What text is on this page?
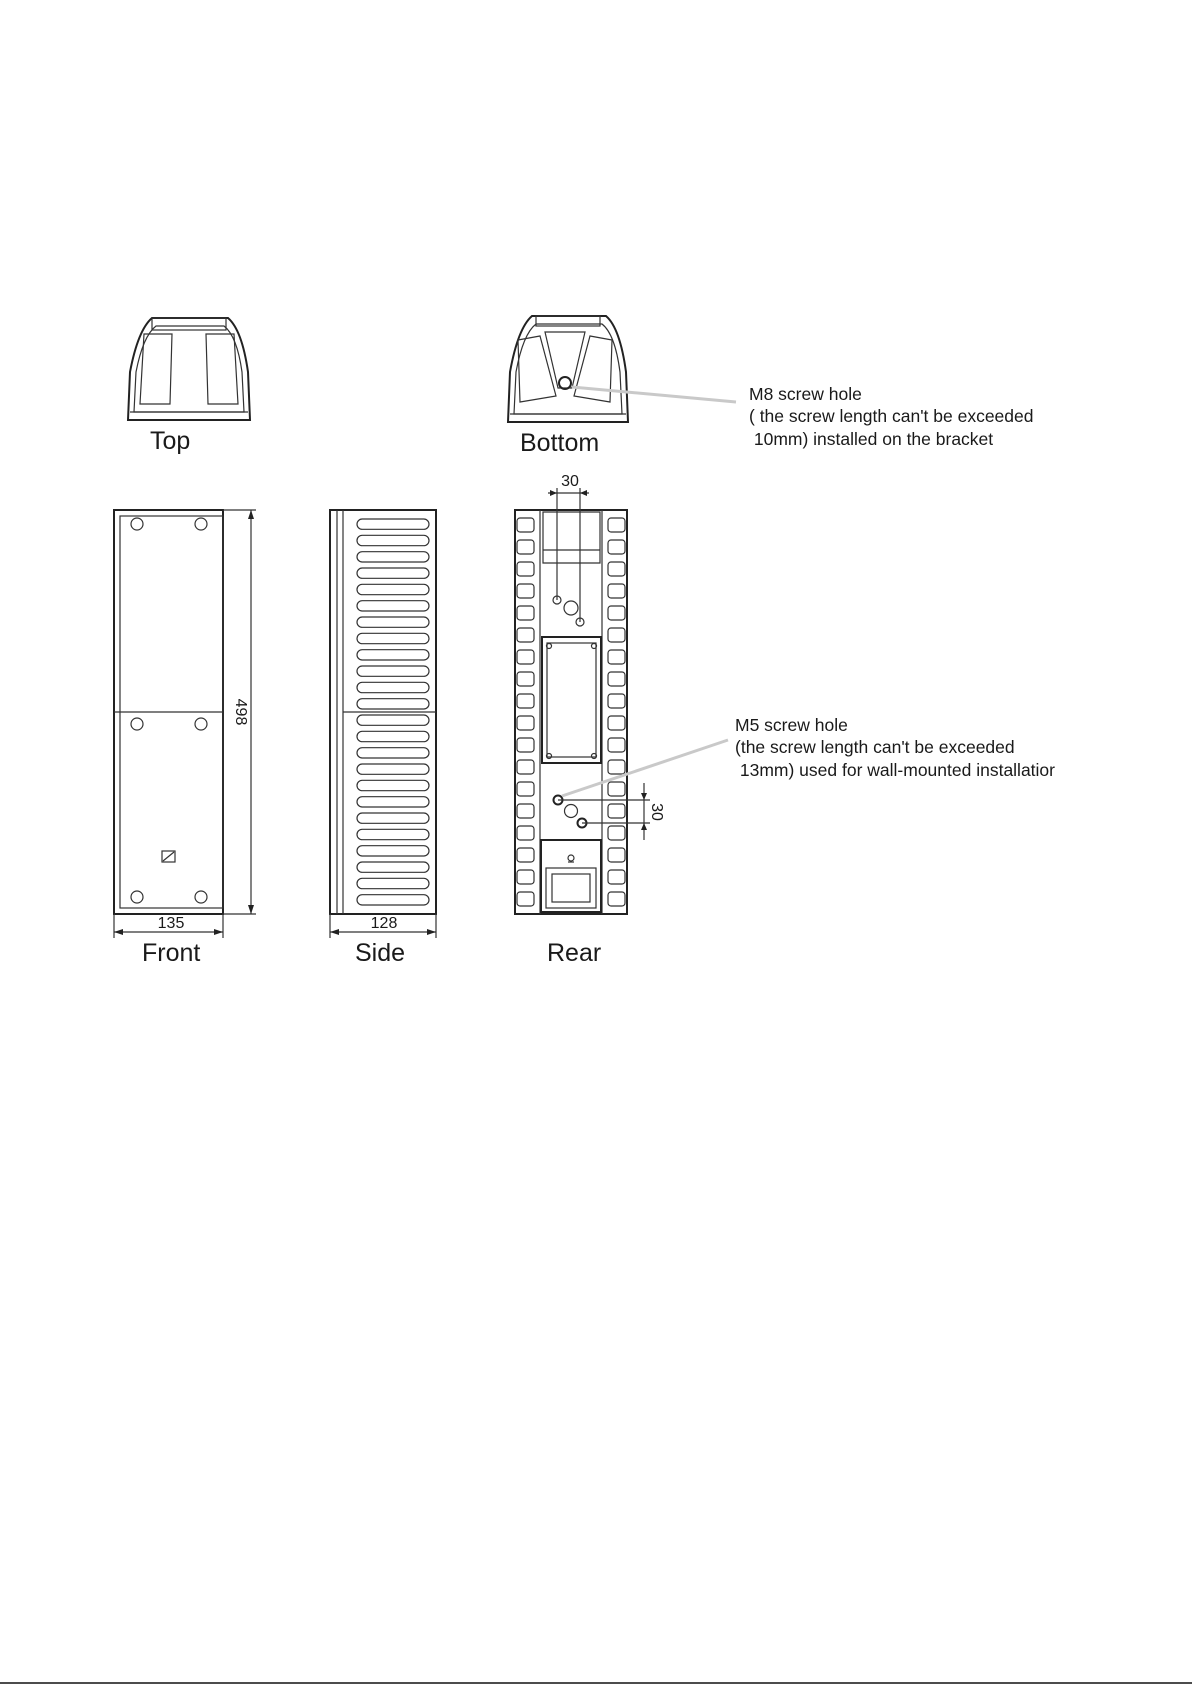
Top	Bottom
M8 screw hole
( the screw length can't be exceeded
10mm) installed on the bracket
498
135
Front
128
Side
30
30
Rear
M5 screw hole
(the screw length can't be exceeded
13mm) used for wall-mounted installatior
